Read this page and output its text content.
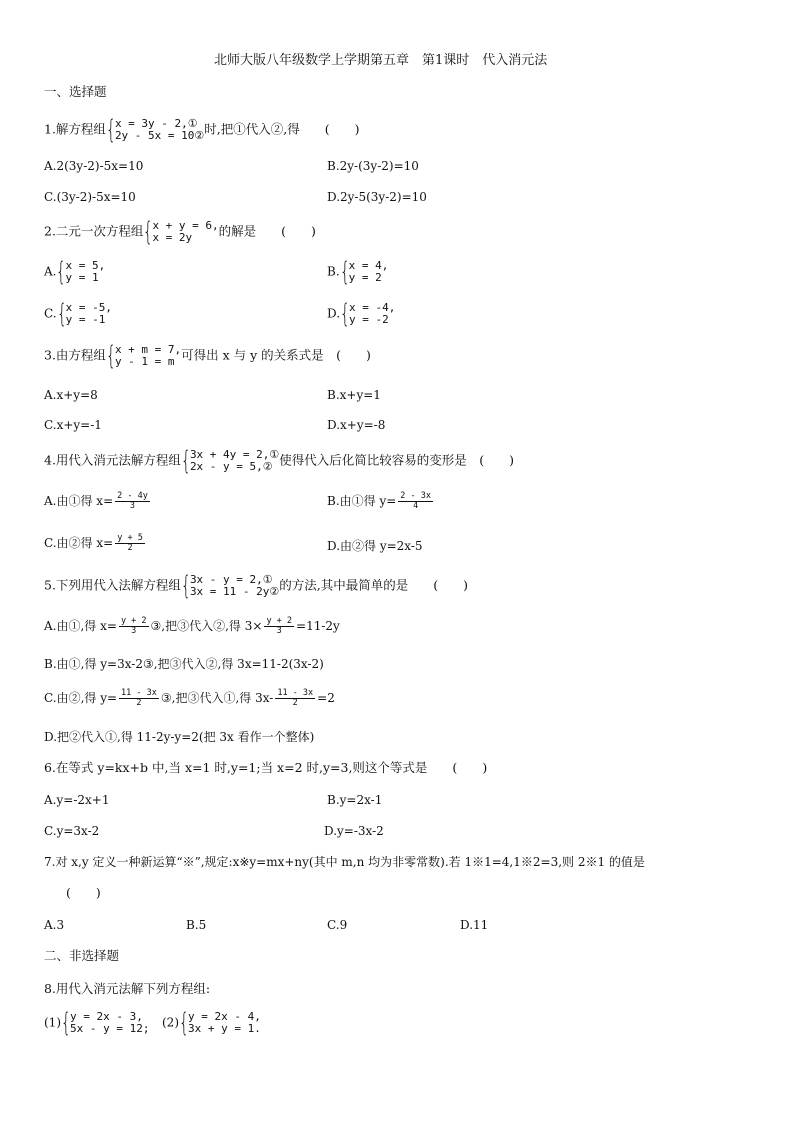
北师大版八年级数学上学期第五章　第1课时　代入消元法
一、选择题
1.解方程组 { x = 3y - 2,①
2y - 5x = 10② 时,把①代入②,得　　(　　)
A.2(3y-2)-5x=10	B.2y-(3y-2)=10
C.(3y-2)-5x=10	D.2y-5(3y-2)=10
2.二元一次方程组 { x + y = 6,
x = 2y	的解是　　(　　)
A. { x = 5,
y = 1	B. { x = 4,
y = 2
C. { x = -5,
y = -1	D. { x = -4,
y = -2
3.由方程组 { x + m = 7,
y - 1 = m 可得出 x 与 y 的关系式是　(　　)
A.x+y=8	B.x+y=1
C.x+y=-1	D.x+y=-8
4.用代入消元法解方程组 { 3x + 4y = 2,①
2x - y = 5,② 使得代入后化简比较容易的变形是　(　　)
A.由①得 $x= \frac{2 - 4y}{3}$	B.由①得 $y= \frac{2 - 3x}{4}$
C.由②得 $x= \frac{y + 5}{2}$	D.由②得 y=2x-5
5.下列用代入法解方程组 { 3x - y = 2,①
3x = 11 - 2y② 的方法,其中最简单的是　　(　　)
A.由①,得 $x= \frac{y + 2}{3}$ ③,把③代入②,得 $3\times \frac{y + 2}{3} =11-2y$
B.由①,得 y=3x-2③,把③代入②,得 3x=11-2(3x-2)
C.由②,得 $y= \frac{11 - 3x}{2}$ ③,把③代入①,得 $3x- \frac{11 - 3x}{2} =2$
D.把②代入①,得 11-2y-y=2(把 3x 看作一个整体)
6.在等式 y=kx+b 中,当 x=1 时,y=1;当 x=2 时,y=3,则这个等式是　　(　　)
A.y=-2x+1	B.y=2x-1
C.y=3x-2	D.y=-3x-2
7.对 x,y 定义一种新运算“※”,规定:x※y=mx+ny(其中 m,n 均为非零常数).若 1※1=4,1※2=3,则 2※1 的值是
(　　)
A.3	B.5	C.9	D.11
二、非选择题
8.用代入消元法解下列方程组:
(1) { y = 2x - 3,
5x - y = 12; (2) { y = 2x - 4,
3x + y = 1.
